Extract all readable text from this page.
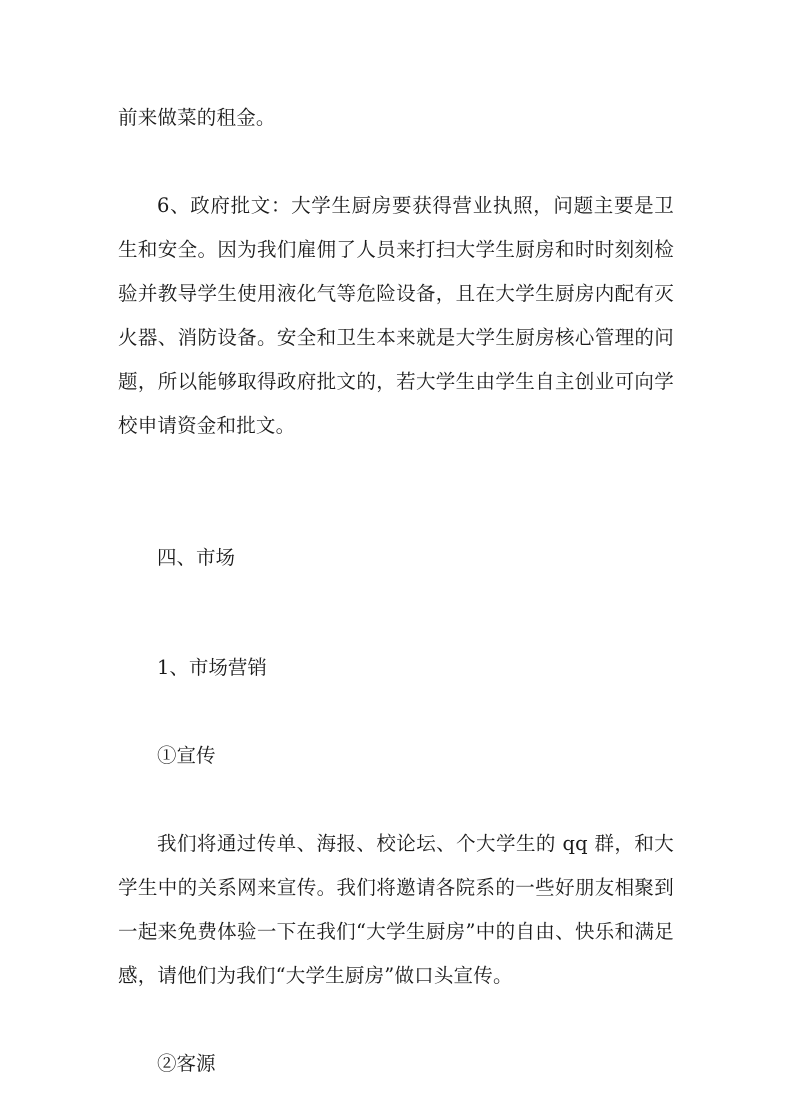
前来做菜的租金。

6、政府批文：大学生厨房要获得营业执照，问题主要是卫生和安全。因为我们雇佣了人员来打扫大学生厨房和时时刻刻检验并教导学生使用液化气等危险设备，且在大学生厨房内配有灭火器、消防设备。安全和卫生本来就是大学生厨房核心管理的问题，所以能够取得政府批文的，若大学生由学生自主创业可向学校申请资金和批文。

四、市场

1、市场营销

①宣传

我们将通过传单、海报、校论坛、个大学生的 qq 群，和大学生中的关系网来宣传。我们将邀请各院系的一些好朋友相聚到一起来免费体验一下在我们“大学生厨房”中的自由、快乐和满足感，请他们为我们“大学生厨房”做口头宣传。

②客源
